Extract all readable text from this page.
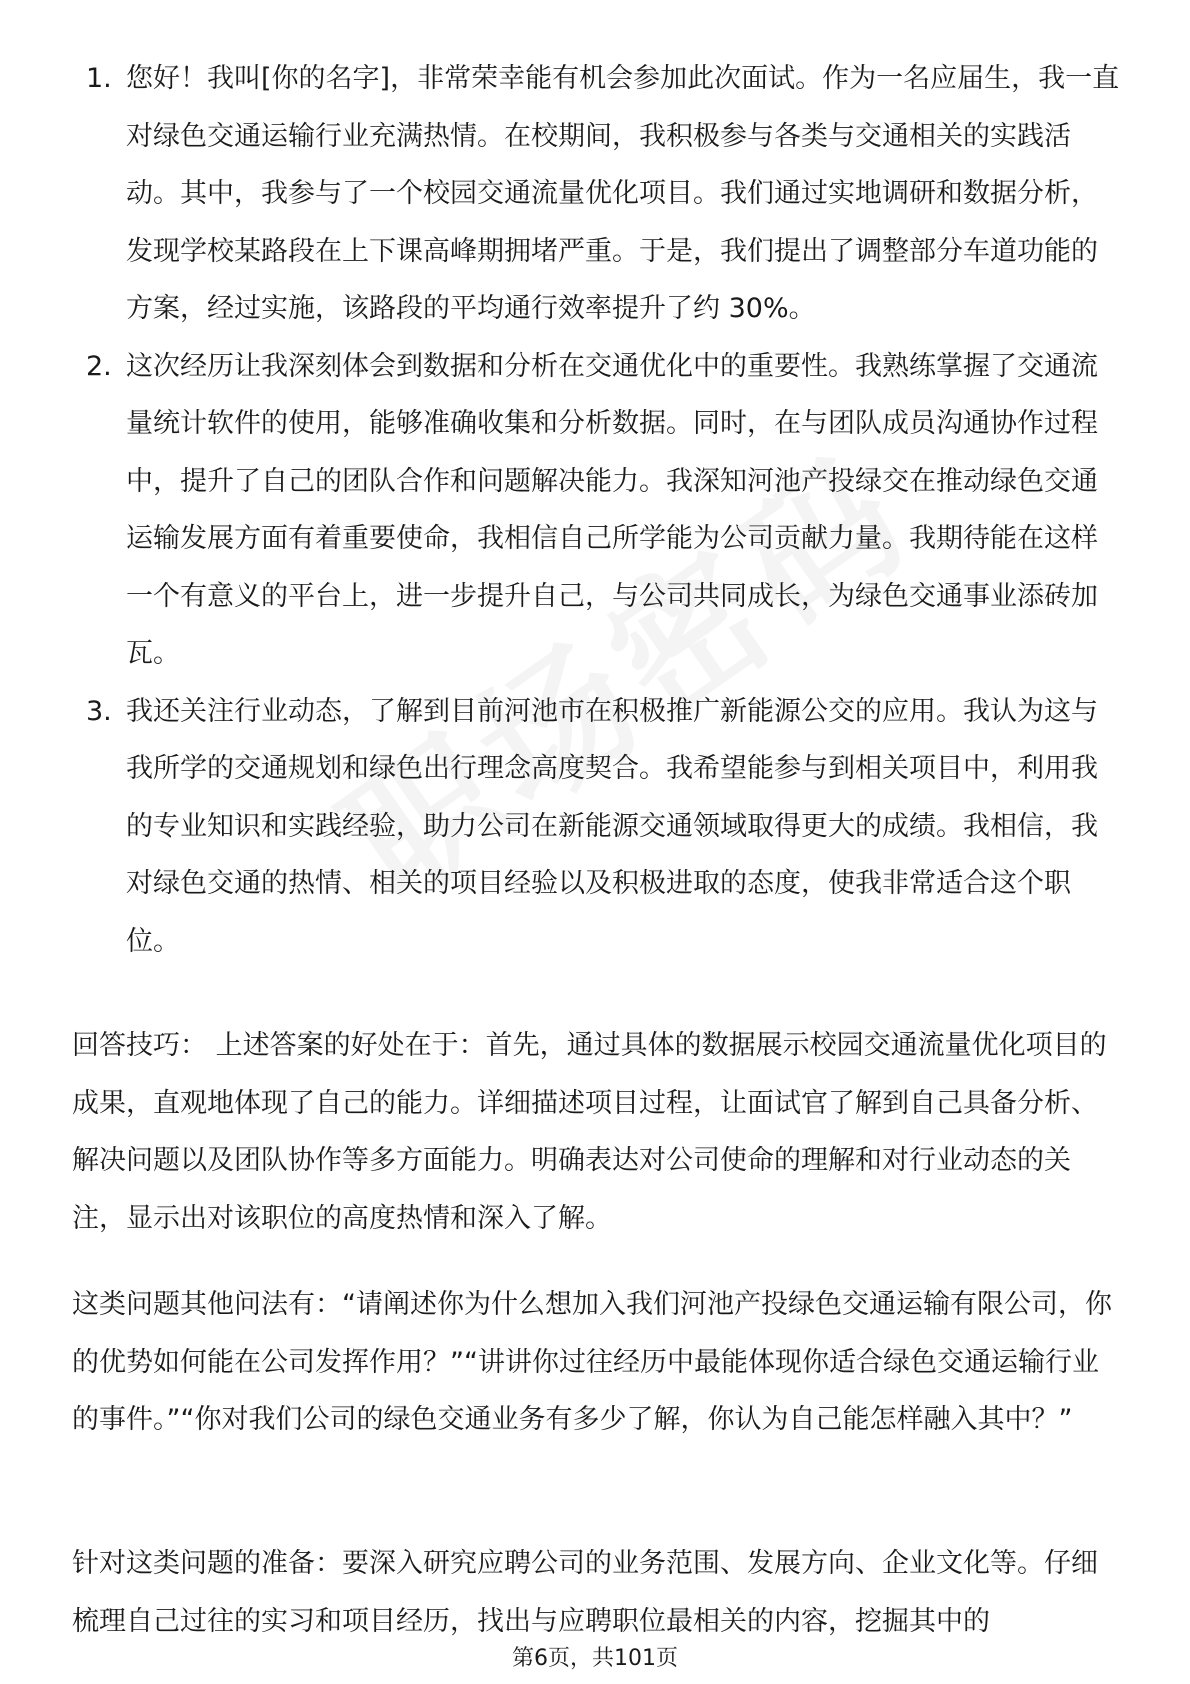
1. 您好！我叫[你的名字]，非常荣幸能有机会参加此次面试。作为一名应届生，我一直对绿色交通运输行业充满热情。在校期间，我积极参与各类与交通相关的实践活动。其中，我参与了一个校园交通流量优化项目。我们通过实地调研和数据分析，发现学校某路段在上下课高峰期拥堵严重。于是，我们提出了调整部分车道功能的方案，经过实施，该路段的平均通行效率提升了约 30%。
2. 这次经历让我深刻体会到数据和分析在交通优化中的重要性。我熟练掌握了交通流量统计软件的使用，能够准确收集和分析数据。同时，在与团队成员沟通协作过程中，提升了自己的团队合作和问题解决能力。我深知河池产投绿交在推动绿色交通运输发展方面有着重要使命，我相信自己所学能为公司贡献力量。我期待能在这样一个有意义的平台上，进一步提升自己，与公司共同成长，为绿色交通事业添砖加瓦。
3. 我还关注行业动态，了解到目前河池市在积极推广新能源公交的应用。我认为这与我所学的交通规划和绿色出行理念高度契合。我希望能参与到相关项目中，利用我的专业知识和实践经验，助力公司在新能源交通领域取得更大的成绩。我相信，我对绿色交通的热情、相关的项目经验以及积极进取的态度，使我非常适合这个职位。

回答技巧： 上述答案的好处在于：首先，通过具体的数据展示校园交通流量优化项目的成果，直观地体现了自己的能力。详细描述项目过程，让面试官了解到自己具备分析、解决问题以及团队协作等多方面能力。明确表达对公司使命的理解和对行业动态的关注，显示出对该职位的高度热情和深入了解。

这类问题其他问法有：“请阐述你为什么想加入我们河池产投绿色交通运输有限公司，你的优势如何能在公司发挥作用？”“讲讲你过往经历中最能体现你适合绿色交通运输行业的事件。”“你对我们公司的绿色交通业务有多少了解，你认为自己能怎样融入其中？”

针对这类问题的准备：要深入研究应聘公司的业务范围、发展方向、企业文化等。仔细梳理自己过往的实习和项目经历，找出与应聘职位最相关的内容，挖掘其中的

第6页，共101页
